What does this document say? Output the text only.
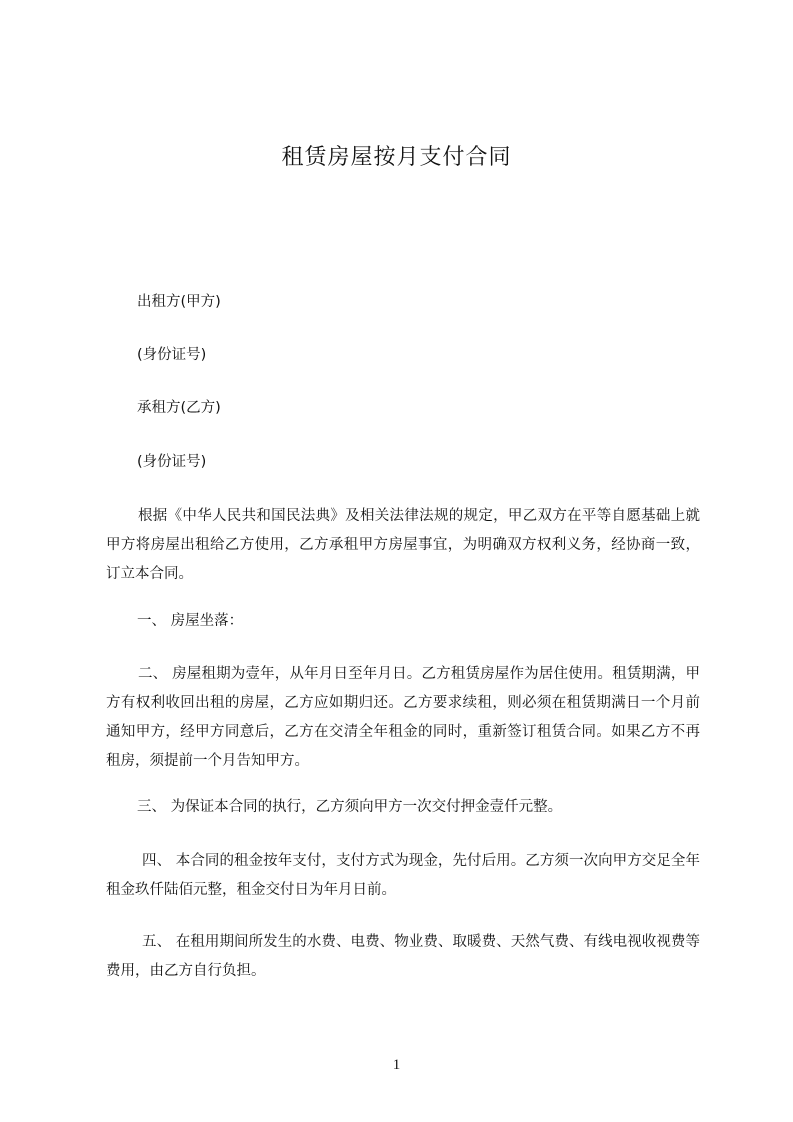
租赁房屋按月支付合同
出租方(甲方)
(身份证号)
承租方(乙方)
(身份证号)
根据《中华人民共和国民法典》及相关法律法规的规定，甲乙双方在平等自愿基础上就甲方将房屋出租给乙方使用，乙方承租甲方房屋事宜，为明确双方权利义务，经协商一致，订立本合同。
一、 房屋坐落：
二、 房屋租期为壹年，从年月日至年月日。乙方租赁房屋作为居住使用。租赁期满，甲方有权利收回出租的房屋，乙方应如期归还。乙方要求续租，则必须在租赁期满日一个月前通知甲方，经甲方同意后，乙方在交清全年租金的同时，重新签订租赁合同。如果乙方不再租房，须提前一个月告知甲方。
三、 为保证本合同的执行，乙方须向甲方一次交付押金壹仟元整。
四、 本合同的租金按年支付，支付方式为现金，先付后用。乙方须一次向甲方交足全年租金玖仟陆佰元整，租金交付日为年月日前。
五、 在租用期间所发生的水费、电费、物业费、取暖费、天然气费、有线电视收视费等费用，由乙方自行负担。
1
